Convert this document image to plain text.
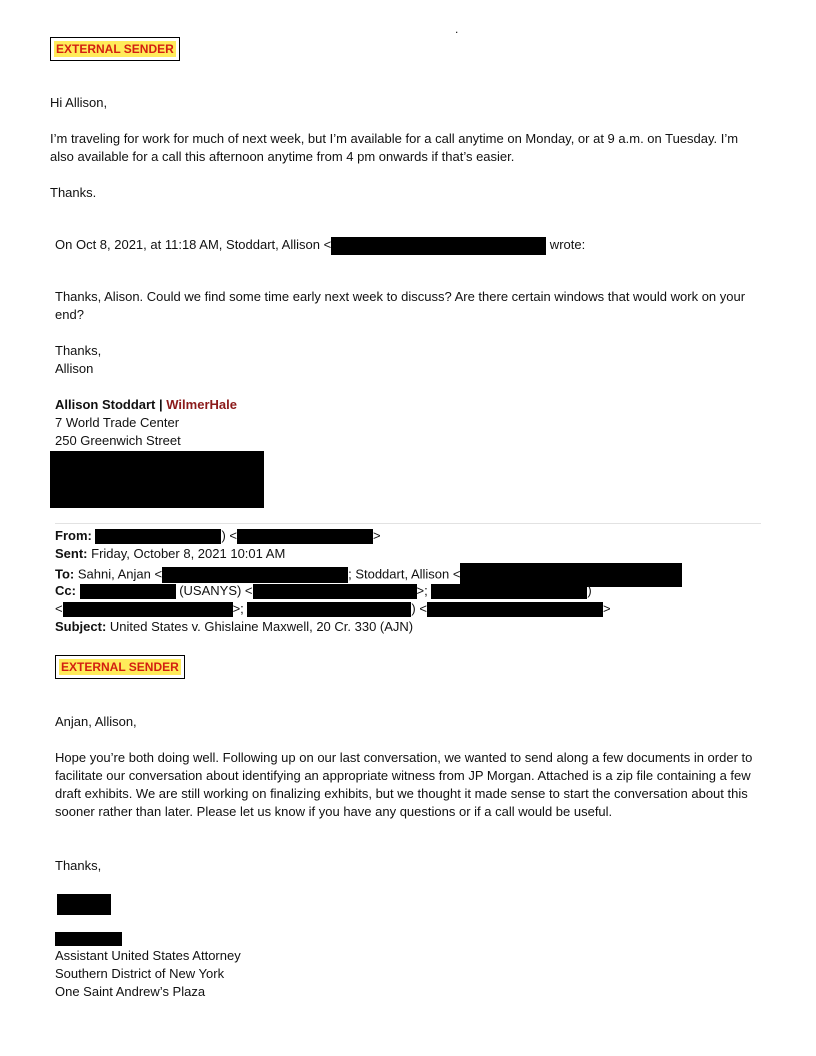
.
EXTERNAL SENDER
Hi Allison,
I’m traveling for work for much of next week, but I’m available for a call anytime on Monday, or at 9 a.m. on Tuesday. I’m also available for a call this afternoon anytime from 4 pm onwards if that’s easier.
Thanks.
On Oct 8, 2021, at 11:18 AM, Stoddart, Allison <	wrote:
Thanks, Alison. Could we find some time early next week to discuss? Are there certain windows that would work on your end?
Thanks,
Allison
Allison Stoddart | WilmerHale
7 World Trade Center
250 Greenwich Street
From:	) <	>
Sent: Friday, October 8, 2021 10:01 AM
To: Sahni, Anjan <	; Stoddart, Allison <
Cc:	(USANYS) <	>;	)
<	>;	) <	>
Subject: United States v. Ghislaine Maxwell, 20 Cr. 330 (AJN)
EXTERNAL SENDER
Anjan, Allison,
Hope you’re both doing well. Following up on our last conversation, we wanted to send along a few documents in order to facilitate our conversation about identifying an appropriate witness from JP Morgan. Attached is a zip file containing a few draft exhibits. We are still working on finalizing exhibits, but we thought it made sense to start the conversation about this sooner rather than later. Please let us know if you have any questions or if a call would be useful.
Thanks,
Assistant United States Attorney
Southern District of New York
One Saint Andrew’s Plaza
